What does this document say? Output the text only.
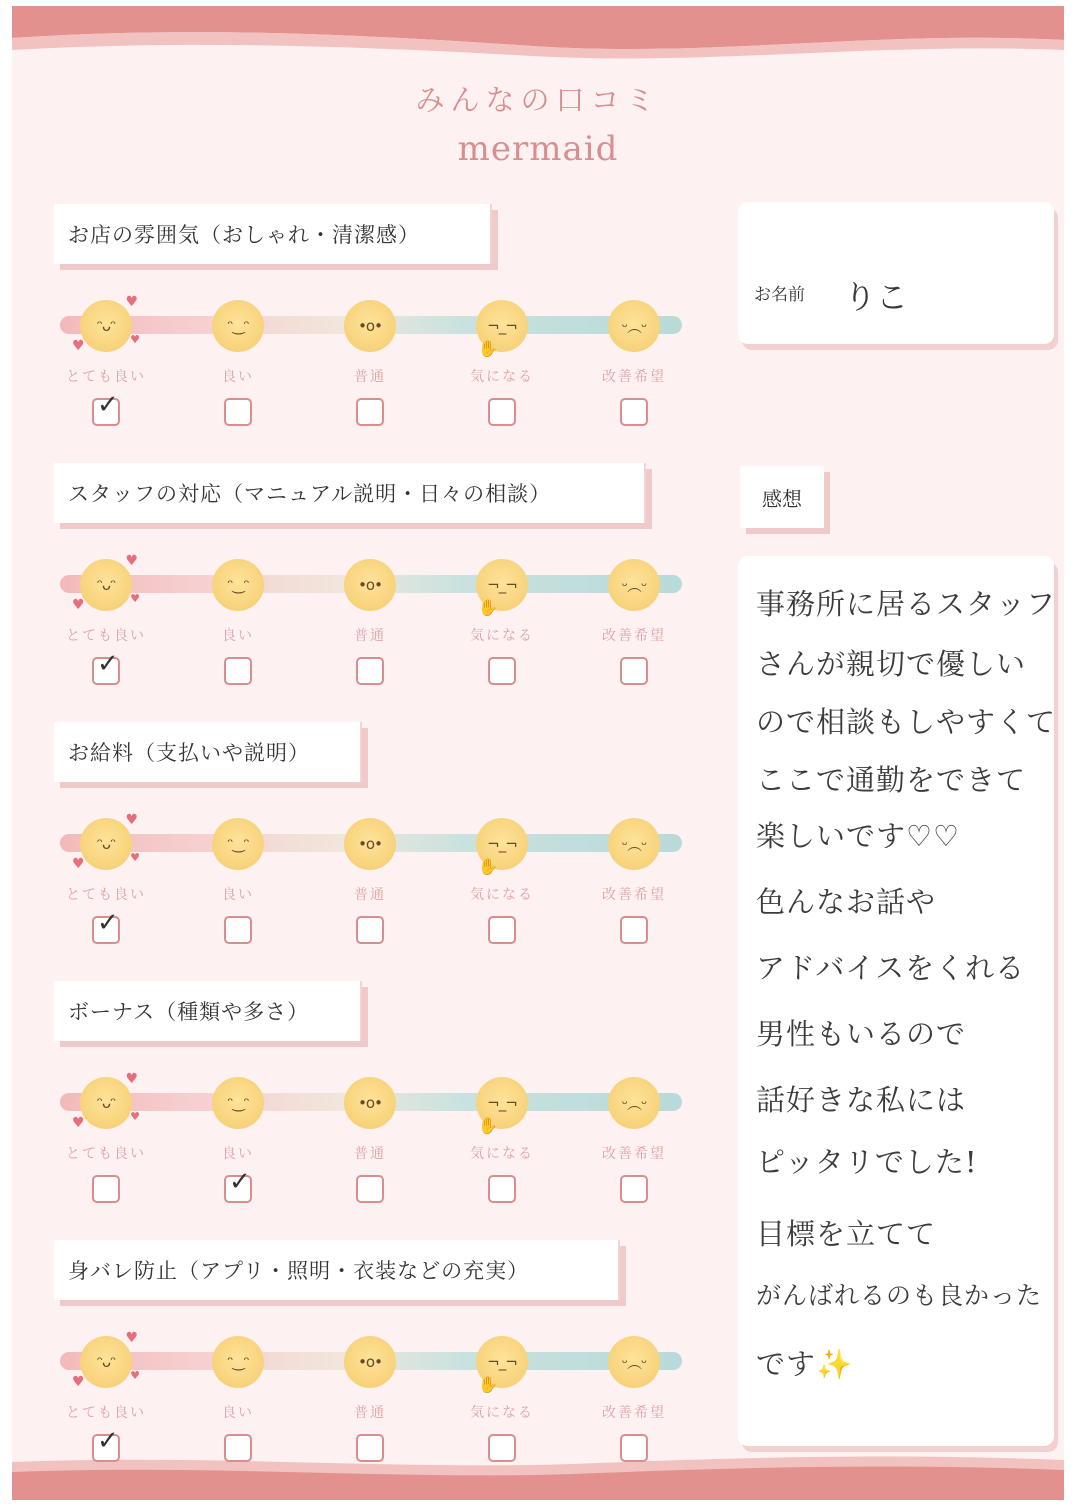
みんなの口コミ
mermaid
お店の雰囲気（おしゃれ・清潔感）
スタッフの対応（マニュアル説明・日々の相談）
お給料（支払いや説明）
ボーナス（種類や多さ）
身バレ防止（アプリ・照明・衣装などの充実）
お名前 りこ
感想
事務所に居るスタッフ
さんが親切で優しい
ので相談もしやすくて
ここで通勤をできて
楽しいです♡♡
色んなお話や
アドバイスをくれる
男性もいるので
話好きな私には
ピッタリでした!
目標を立てて
がんばれるのも良かった
です✨
ᵔᴗᵔ
♥
♥	♥
とても良い
✓
ᵔ‿ᵔ
良い
•o•
普通
¬_¬
✋
気になる
ᵕ︵ᵕ
改善希望
ᵔᴗᵔ
♥
♥	♥
とても良い
✓
ᵔ‿ᵔ
良い
•o•
普通
¬_¬
✋
気になる
ᵕ︵ᵕ
改善希望
ᵔᴗᵔ
♥
♥	♥
とても良い
✓
ᵔ‿ᵔ
良い
•o•
普通
¬_¬
✋
気になる
ᵕ︵ᵕ
改善希望
ᵔᴗᵔ
♥
♥	♥
とても良い
ᵔ‿ᵔ
良い
✓
•o•
普通
¬_¬
✋
気になる
ᵕ︵ᵕ
改善希望
ᵔᴗᵔ
♥
♥	♥
とても良い
✓
ᵔ‿ᵔ
良い
•o•
普通
¬_¬
✋
気になる
ᵕ︵ᵕ
改善希望
